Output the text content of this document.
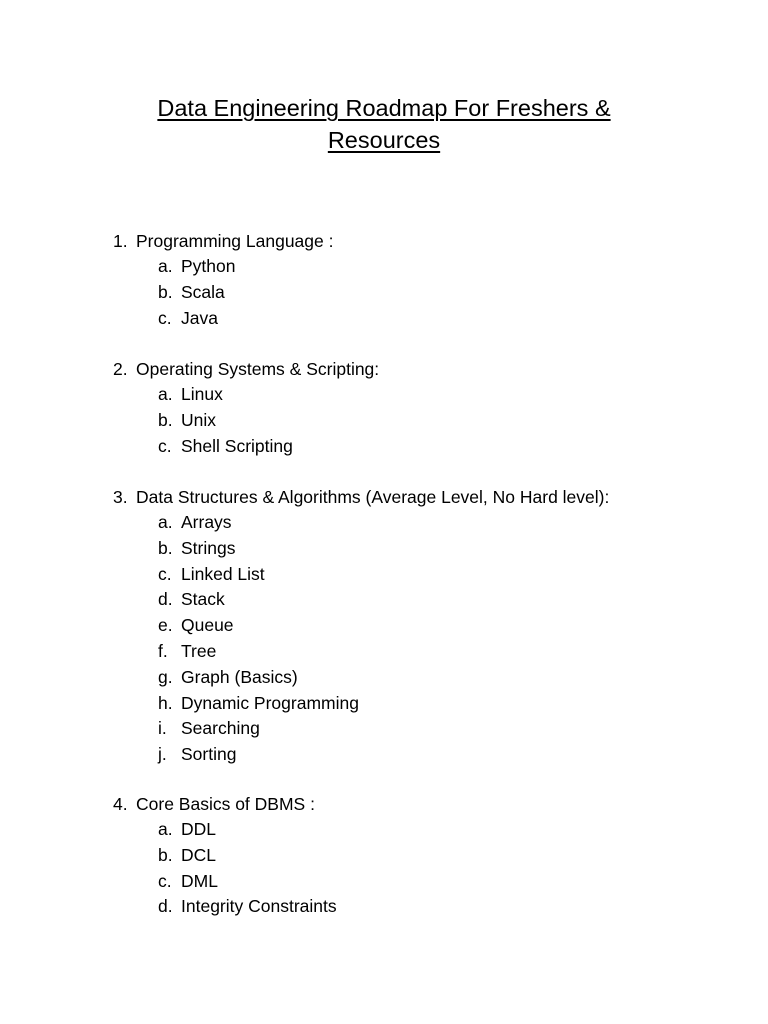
Data Engineering Roadmap For Freshers & Resources
1. Programming Language :
a. Python
b. Scala
c. Java
2. Operating Systems & Scripting:
a. Linux
b. Unix
c. Shell Scripting
3. Data Structures & Algorithms (Average Level, No Hard level):
a. Arrays
b. Strings
c. Linked List
d. Stack
e. Queue
f. Tree
g. Graph (Basics)
h. Dynamic Programming
i. Searching
j. Sorting
4. Core Basics of DBMS :
a. DDL
b. DCL
c. DML
d. Integrity Constraints
